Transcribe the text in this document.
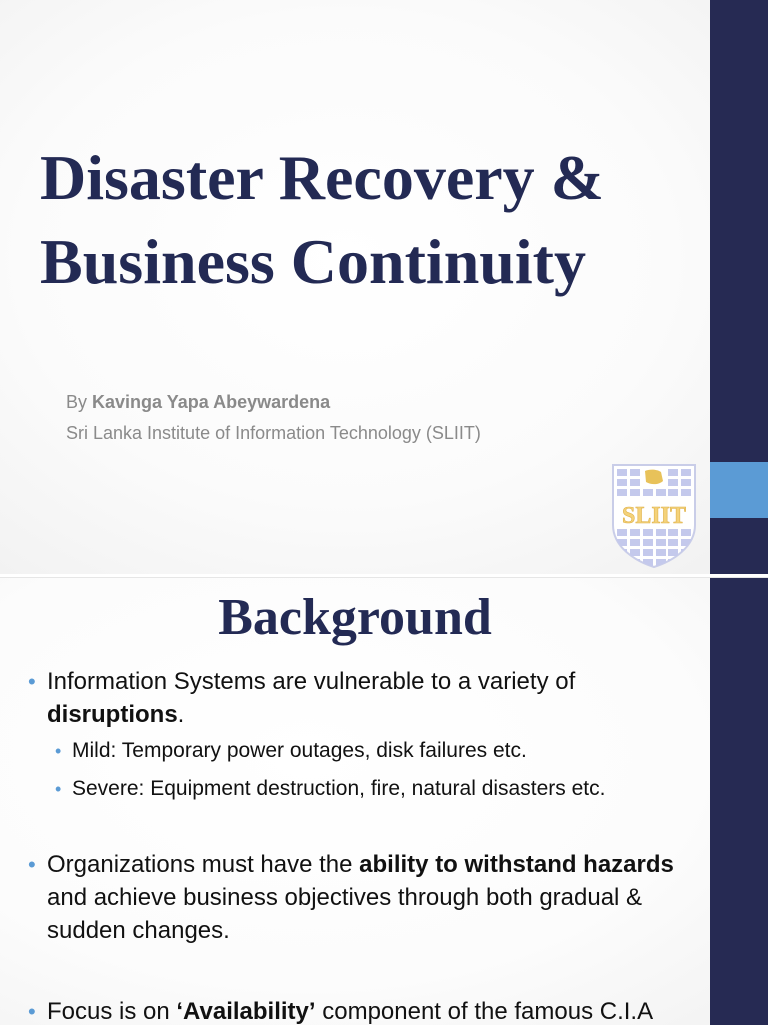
Disaster Recovery &
Business Continuity
By Kavinga Yapa Abeywardena
Sri Lanka Institute of Information Technology (SLIIT)
SLIIT
Background

• Information Systems are vulnerable to a variety of disruptions.

• Mild: Temporary power outages, disk failures etc.

• Severe: Equipment destruction, fire, natural disasters etc.

• Organizations must have the ability to withstand hazards and achieve business objectives through both gradual & sudden changes.

• Focus is on ‘Availability’ component of the famous C.I.A
